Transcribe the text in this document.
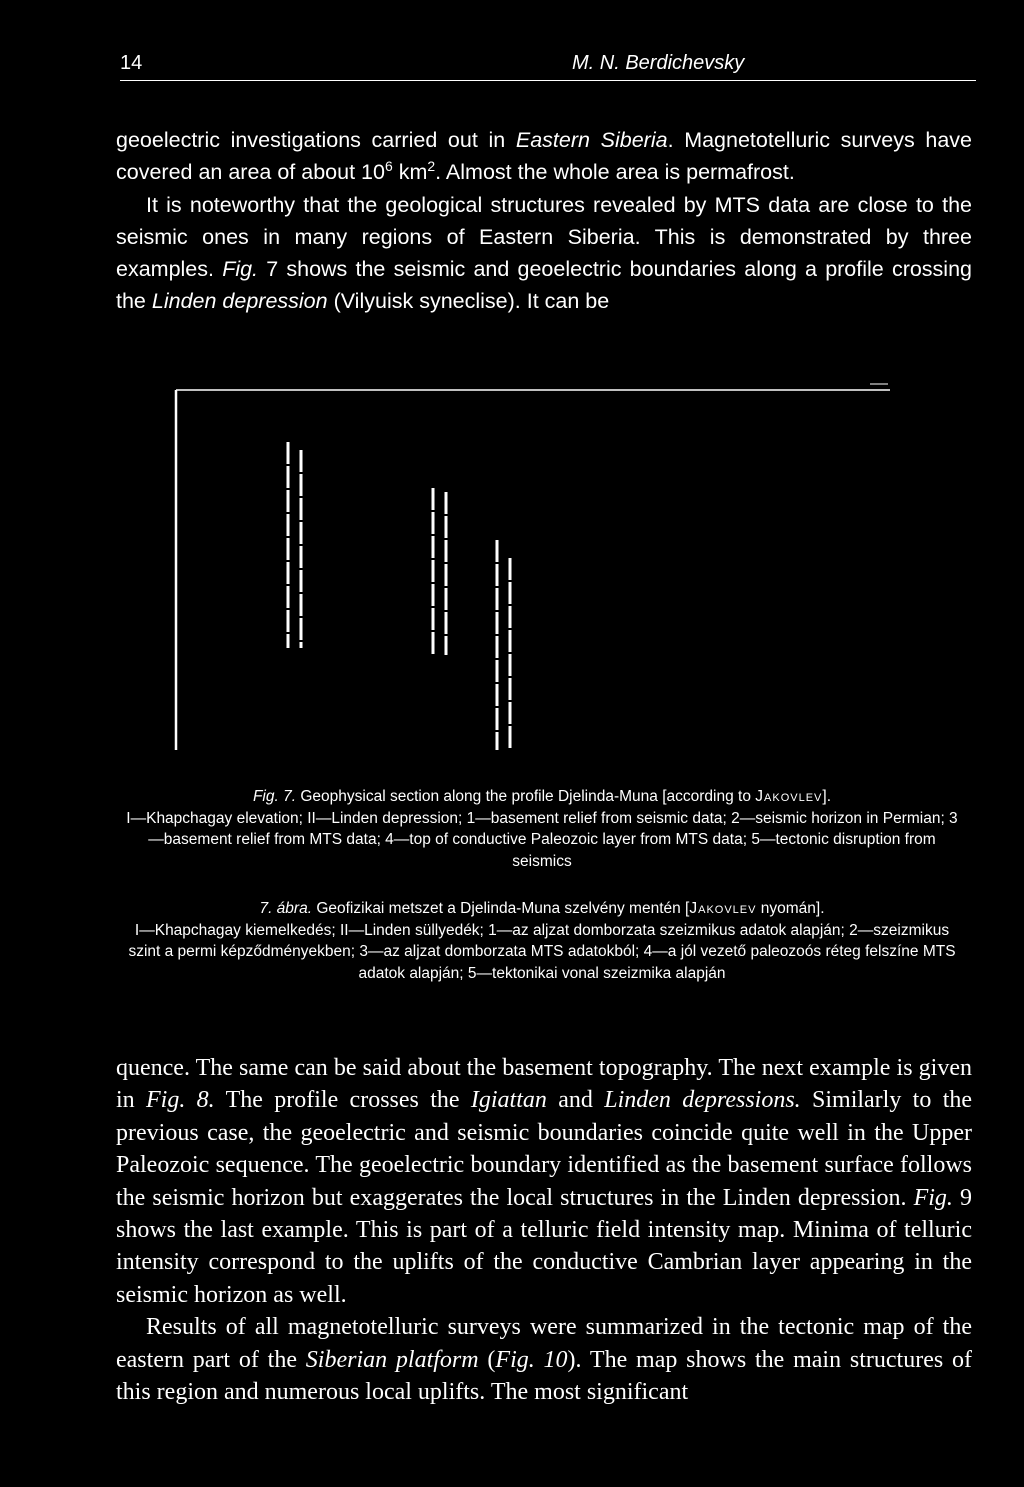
14	M. N. Berdichevsky

geoelectric investigations carried out in Eastern Siberia. Magnetotelluric surveys have covered an area of about $10^6$ $km^2$. Almost the whole area is permafrost.

It is noteworthy that the geological structures revealed by MTS data are close to the seismic ones in many regions of Eastern Siberia. This is demonstrated by three examples. Fig. 7 shows the seismic and geoelectric boundaries along a profile crossing the Linden depression (Vilyuisk syneclise). It can be

Fig. 7. Geophysical section along the profile Djelinda-Muna [according to Jakovlev].
I—Khapchagay elevation; II—Linden depression; 1—basement relief from seismic data; 2—seismic horizon in Permian; 3—basement relief from MTS data; 4—top of conductive Paleozoic layer from MTS data; 5—tectonic disruption from seismics
7. ábra. Geofizikai metszet a Djelinda-Muna szelvény mentén [Jakovlev nyomán].
I—Khapchagay kiemelkedés; II—Linden süllyedék; 1—az aljzat domborzata szeizmikus adatok alapján; 2—szeizmikus szint a permi képződményekben; 3—az aljzat domborzata MTS adatokból; 4—a jól vezető paleozoós réteg felszíne MTS adatok alapján; 5—tektonikai vonal szeizmika alapján

quence. The same can be said about the basement topography. The next example is given in Fig. 8. The profile crosses the Igiattan and Linden depressions. Similarly to the previous case, the geoelectric and seismic boundaries coincide quite well in the Upper Paleozoic sequence. The geoelectric boundary identified as the basement surface follows the seismic horizon but exaggerates the local structures in the Linden depression. Fig. 9 shows the last example. This is part of a telluric field intensity map. Minima of telluric intensity correspond to the uplifts of the conductive Cambrian layer appearing in the seismic horizon as well.

Results of all magnetotelluric surveys were summarized in the tectonic map of the eastern part of the Siberian platform (Fig. 10). The map shows the main structures of this region and numerous local uplifts. The most significant
